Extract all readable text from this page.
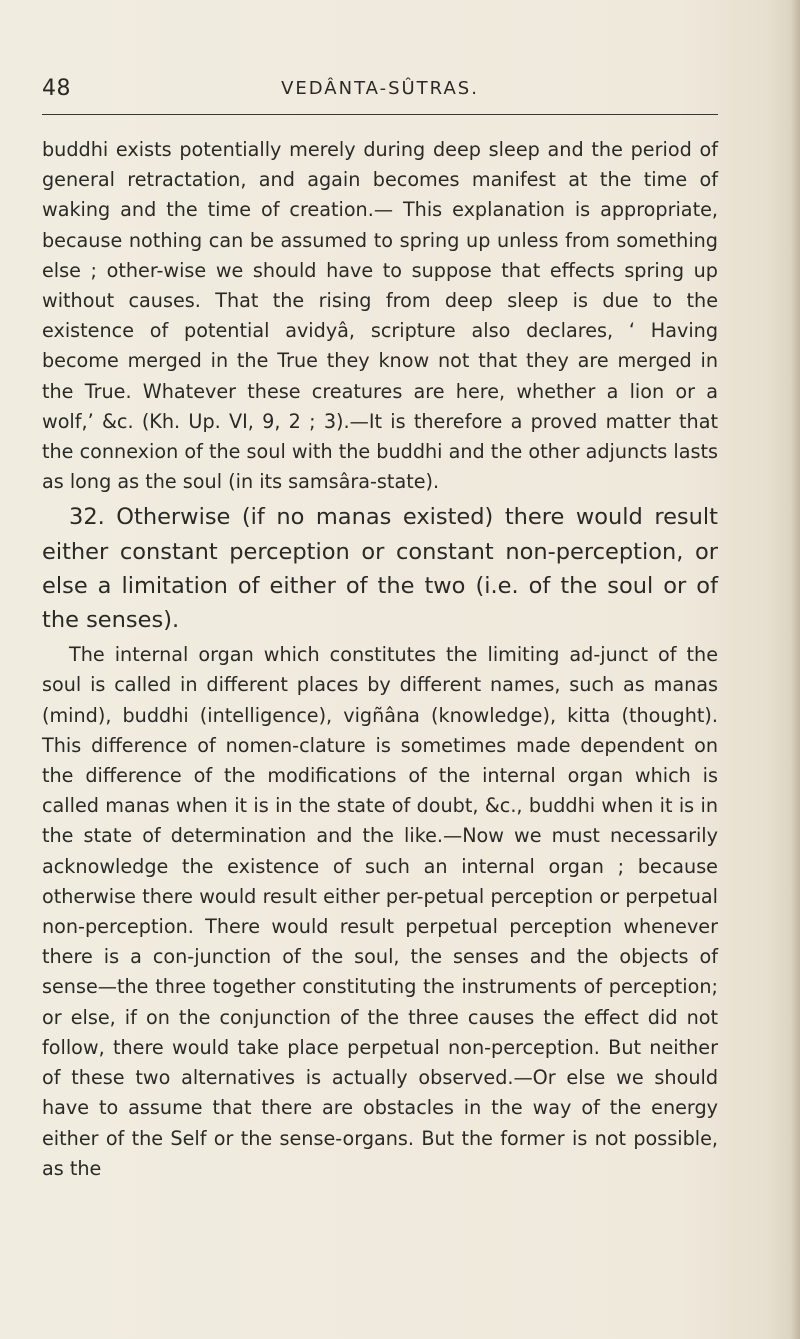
48	VEDÂNTA-SÛTRAS.

buddhi exists potentially merely during deep sleep and the period of general retractation, and again becomes manifest at the time of waking and the time of creation.— This explanation is appropriate, because nothing can be assumed to spring up unless from something else ; other-wise we should have to suppose that effects spring up without causes. That the rising from deep sleep is due to the existence of potential avidyâ, scripture also declares, ‘ Having become merged in the True they know not that they are merged in the True. Whatever these creatures are here, whether a lion or a wolf,’ &c. (Kh. Up. VI, 9, 2 ; 3).—It is therefore a proved matter that the connexion of the soul with the buddhi and the other adjuncts lasts as long as the soul (in its samsâra-state).

32. Otherwise (if no manas existed) there would result either constant perception or constant non-perception, or else a limitation of either of the two (i.e. of the soul or of the senses).

The internal organ which constitutes the limiting ad-junct of the soul is called in different places by different names, such as manas (mind), buddhi (intelligence), vigñâna (knowledge), kitta (thought). This difference of nomen-clature is sometimes made dependent on the difference of the modifications of the internal organ which is called manas when it is in the state of doubt, &c., buddhi when it is in the state of determination and the like.—Now we must necessarily acknowledge the existence of such an internal organ ; because otherwise there would result either per-petual perception or perpetual non-perception. There would result perpetual perception whenever there is a con-junction of the soul, the senses and the objects of sense—the three together constituting the instruments of perception; or else, if on the conjunction of the three causes the effect did not follow, there would take place perpetual non-perception. But neither of these two alternatives is actually observed.—Or else we should have to assume that there are obstacles in the way of the energy either of the Self or the sense-organs. But the former is not possible, as the
